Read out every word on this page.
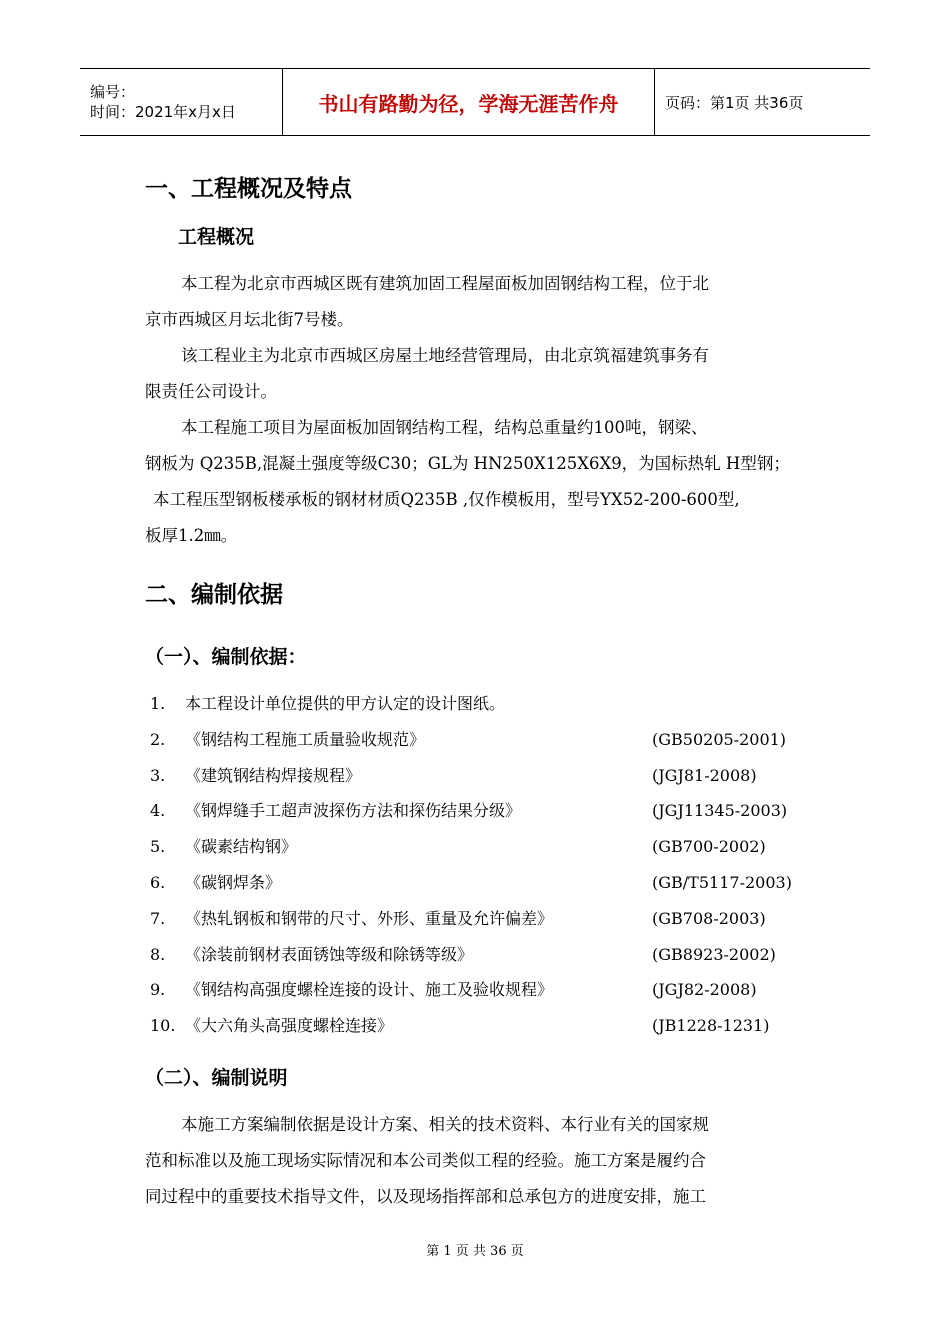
编号：
时间：2021年x月x日	书山有路勤为径，学海无涯苦作舟	页码：第1页 共36页
一、工程概况及特点
工程概况
本工程为北京市西城区既有建筑加固工程屋面板加固钢结构工程，位于北
京市西城区月坛北街7号楼。
该工程业主为北京市西城区房屋土地经营管理局，由北京筑福建筑事务有
限责任公司设计。
本工程施工项目为屋面板加固钢结构工程，结构总重量约100吨，钢梁、
钢板为 Q235B,混凝土强度等级C30；GL为 HN250X125X6X9，为国标热轧 H型钢；
本工程压型钢板楼承板的钢材材质Q235B ,仅作模板用，型号YX52-200-600型,
板厚1.2㎜。
二、编制依据
（一）、编制依据：
1. 本工程设计单位提供的甲方认定的设计图纸。
2. 《钢结构工程施工质量验收规范》	(GB50205-2001)
3. 《建筑钢结构焊接规程》	(JGJ81-2008)
4. 《钢焊缝手工超声波探伤方法和探伤结果分级》	(JGJ11345-2003)
5. 《碳素结构钢》	(GB700-2002)
6. 《碳钢焊条》	(GB/T5117-2003)
7. 《热轧钢板和钢带的尺寸、外形、重量及允许偏差》	(GB708-2003)
8. 《涂装前钢材表面锈蚀等级和除锈等级》	(GB8923-2002)
9. 《钢结构高强度螺栓连接的设计、施工及验收规程》	(JGJ82-2008)
10. 《大六角头高强度螺栓连接》	(JB1228-1231)
（二）、编制说明
本施工方案编制依据是设计方案、相关的技术资料、本行业有关的国家规
范和标准以及施工现场实际情况和本公司类似工程的经验。施工方案是履约合
同过程中的重要技术指导文件，以及现场指挥部和总承包方的进度安排，施工
第 1 页 共 36 页
